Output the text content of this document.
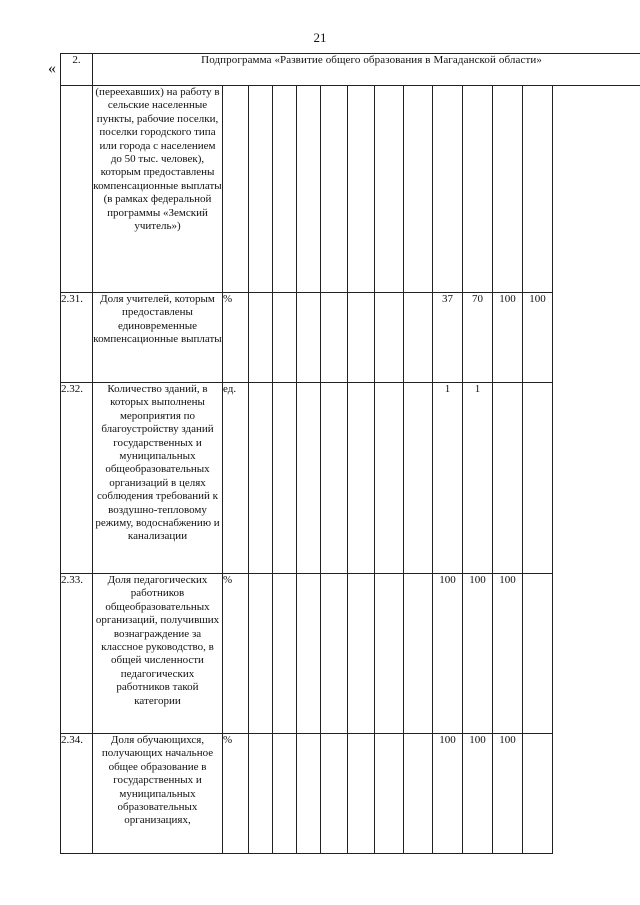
21
« 2.	Подпрограмма «Развитие общего образования в Магаданской области»												
	(переехавших) на работу в сельские населенные пункты, рабочие поселки, поселки городского типа или города с населением до 50 тыс. человек), которым предоставлены компенсационные выплаты (в рамках федеральной программы «Земский учитель»)												
2.31.	Доля учителей, которым предоставлены единовременные компенсационные выплаты	%								37	70	100	100
2.32.	Количество зданий, в которых выполнены мероприятия по благоустройству зданий государственных и муниципальных общеобразовательных организаций в целях соблюдения требований к воздушно-тепловому режиму, водоснабжению и канализации	ед.								1	1		
2.33.	Доля педагогических работников общеобразовательных организаций, получивших вознаграждение за классное руководство, в общей численности педагогических работников такой категории	%								100	100	100	
2.34.	Доля обучающихся, получающих начальное общее образование в государственных и муниципальных образовательных организациях,	%								100	100	100	
